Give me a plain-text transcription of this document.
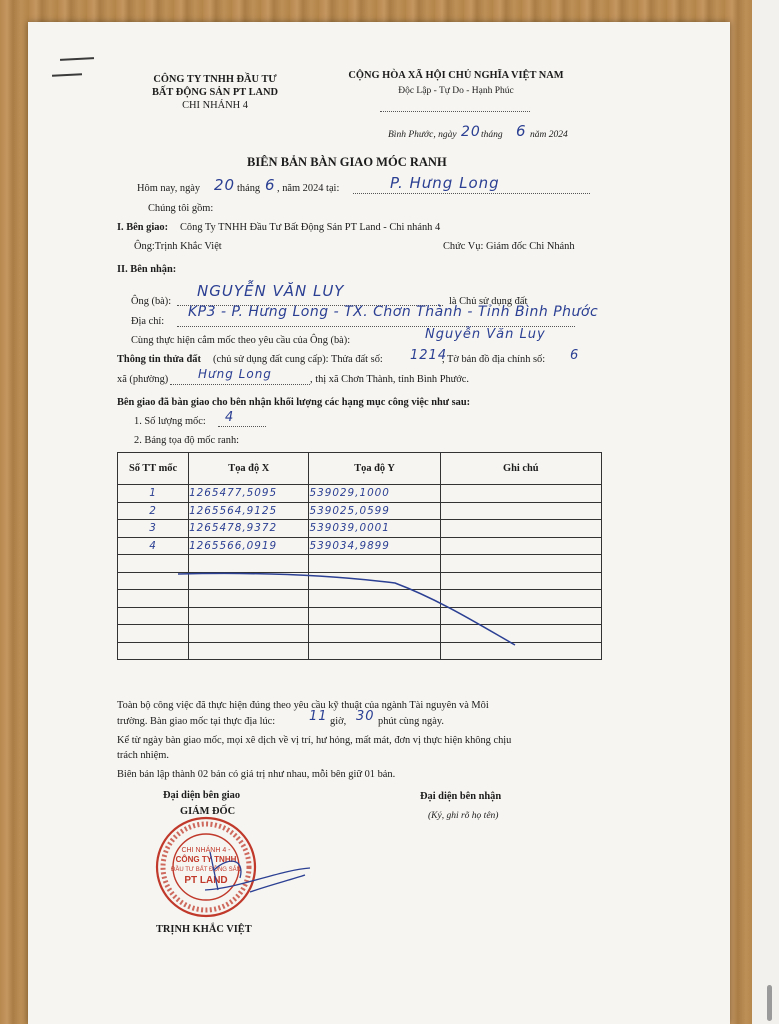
CÔNG TY TNHH ĐẦU TƯ
BẤT ĐỘNG SẢN PT LAND
CHI NHÁNH 4
CỘNG HÒA XÃ HỘI CHỦ NGHĨA VIỆT NAM
Độc Lập - Tự Do - Hạnh Phúc
Bình Phước, ngày 20 tháng 6 năm 2024
BIÊN BẢN BÀN GIAO MÓC RANH
Hôm nay, ngày 20 tháng 6 , năm 2024 tại:	P. Hưng Long
Chúng tôi gồm:
I. Bên giao: Công Ty TNHH Đầu Tư Bất Động Sản PT Land - Chi nhánh 4
Ông:Trịnh Khắc Việt	Chức Vụ: Giám đốc Chi Nhánh
II. Bên nhận:
Ông (bà):
NGUYỄN VĂN LUY
là Chủ sử dụng đất
Địa chỉ:
KP3 - P. Hưng Long - TX. Chơn Thành - Tỉnh Bình Phước
Cùng thực hiện cắm mốc theo yêu cầu của Ông (bà):	Nguyễn Văn Luy
Thông tin thửa đất (chủ sử dụng đất cung cấp): Thửa đất số: 1214
, Tờ bản đồ địa chính số: 6
xã (phường) Hưng Long	, thị xã Chơn Thành, tỉnh Bình Phước.
Bên giao đã bàn giao cho bên nhận khối lượng các hạng mục công việc như sau:
1. Số lượng mốc: 4
2. Bảng tọa độ mốc ranh:
Số TT mốc	Tọa độ X	Tọa độ Y	Ghi chú
1	1265477,5095	539029,1000	
2	1265564,9125	539025,0599	
3	1265478,9372	539039,0001	
4	1265566,0919	539034,9899	

Toàn bộ công việc đã thực hiện đúng theo yêu cầu kỹ thuật của ngành Tài nguyên và Môi
trường. Bàn giao mốc tại thực địa lúc:	11 giờ, 30 phút cùng ngày.
Kể từ ngày bàn giao mốc, mọi xê dịch về vị trí, hư hỏng, mất mát, đơn vị thực hiện không chịu
trách nhiệm.
Biên bản lập thành 02 bản có giá trị như nhau, mỗi bên giữ 01 bản.
Đại diện bên giao
GIÁM ĐỐC
Đại diện bên nhận
(Ký, ghi rõ họ tên)
CHI NHÁNH 4 -
CÔNG TY TNHH
ĐẦU TƯ BẤT ĐỘNG SẢN
PT LAND
TRỊNH KHẮC VIỆT
